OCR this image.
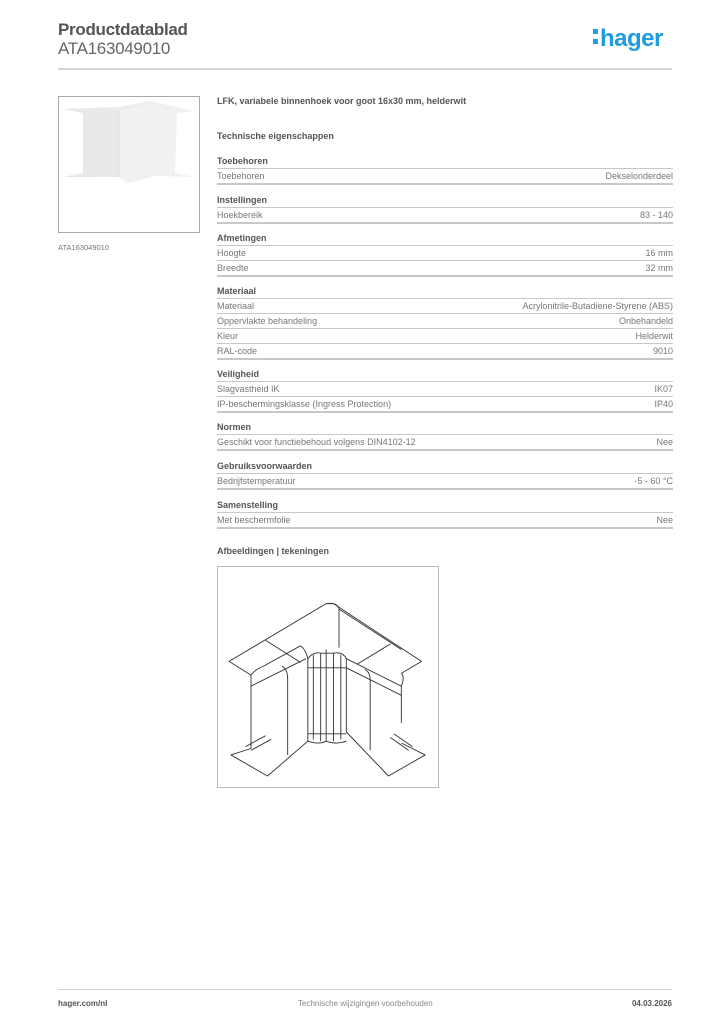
Productdatablad
ATA163049010	hager
ATA163049010
LFK, variabele binnenhoek voor goot 16x30 mm, helderwit
Technische eigenschappen
Toebehoren
Toebehoren	Dekselonderdeel
Instellingen
Hoekbereik	83 - 140
Afmetingen
Hoogte	16 mm
Breedte	32 mm
Materiaal
Materiaal	Acrylonitrile-Butadiene-Styrene (ABS)
Oppervlakte behandeling	Onbehandeld
Kleur	Helderwit
RAL-code	9010
Veiligheid
Slagvastheid IK	IK07
IP-beschermingsklasse (Ingress Protection)	IP40
Normen
Geschikt voor functiebehoud volgens DIN4102-12	Nee
Gebruiksvoorwaarden
Bedrijfstemperatuur	-5 - 60 °C
Samenstelling
Met beschermfolie	Nee
Afbeeldingen | tekeningen
hager.com/nl	Technische wijzigingen voorbehouden	04.03.2026
